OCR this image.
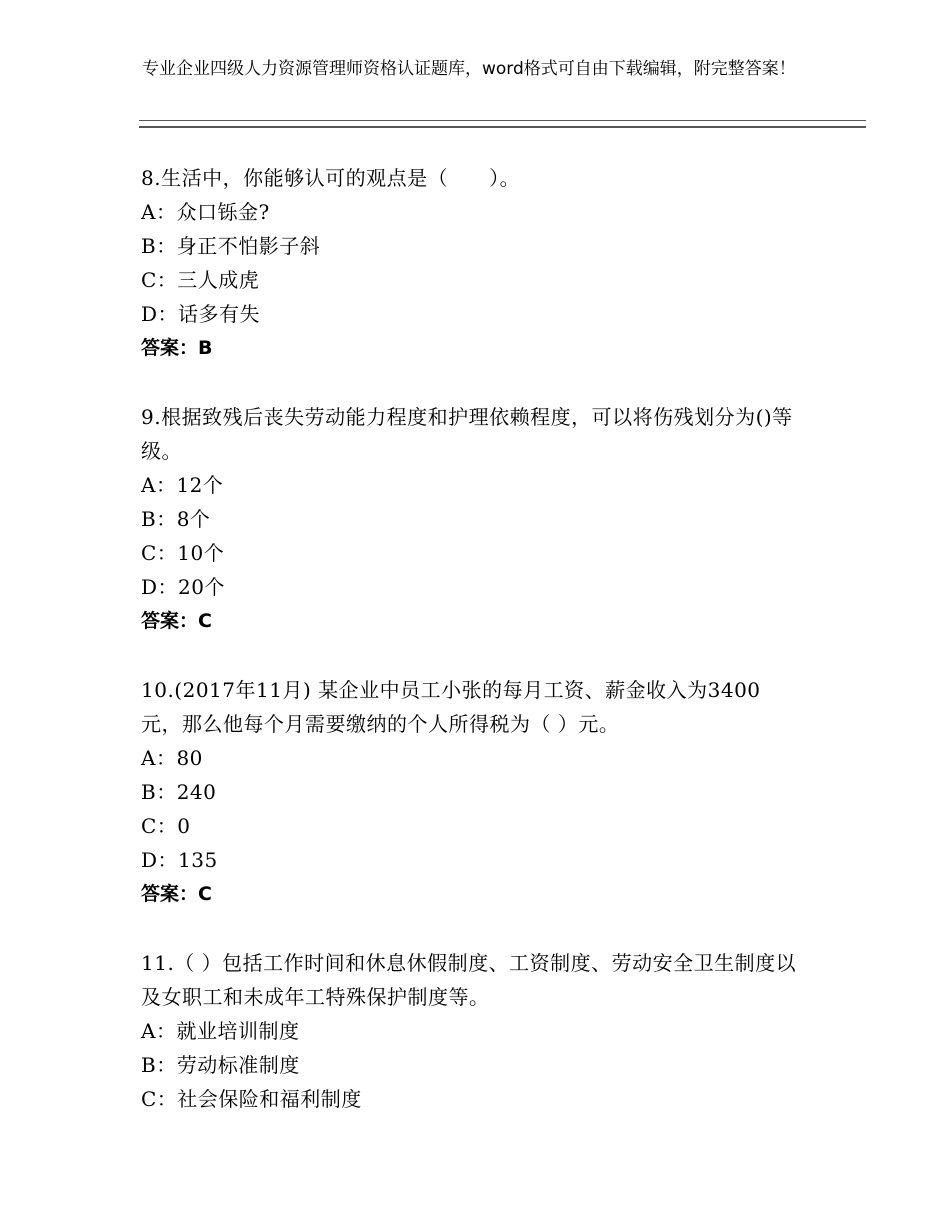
专业企业四级人力资源管理师资格认证题库，word格式可自由下载编辑，附完整答案！
8.生活中，你能够认可的观点是（　　）。
A：众口铄金?
B：身正不怕影子斜
C：三人成虎
D：话多有失
答案：B
9.根据致残后丧失劳动能力程度和护理依赖程度，可以将伤残划分为()等级。
A：12个
B：8个
C：10个
D：20个
答案：C
10.(2017年11月) 某企业中员工小张的每月工资、薪金收入为3400元，那么他每个月需要缴纳的个人所得税为（ ）元。
A：80
B：240
C：0
D：135
答案：C
11.（ ）包括工作时间和休息休假制度、工资制度、劳动安全卫生制度以及女职工和未成年工特殊保护制度等。
A：就业培训制度
B：劳动标准制度
C：社会保险和福利制度
